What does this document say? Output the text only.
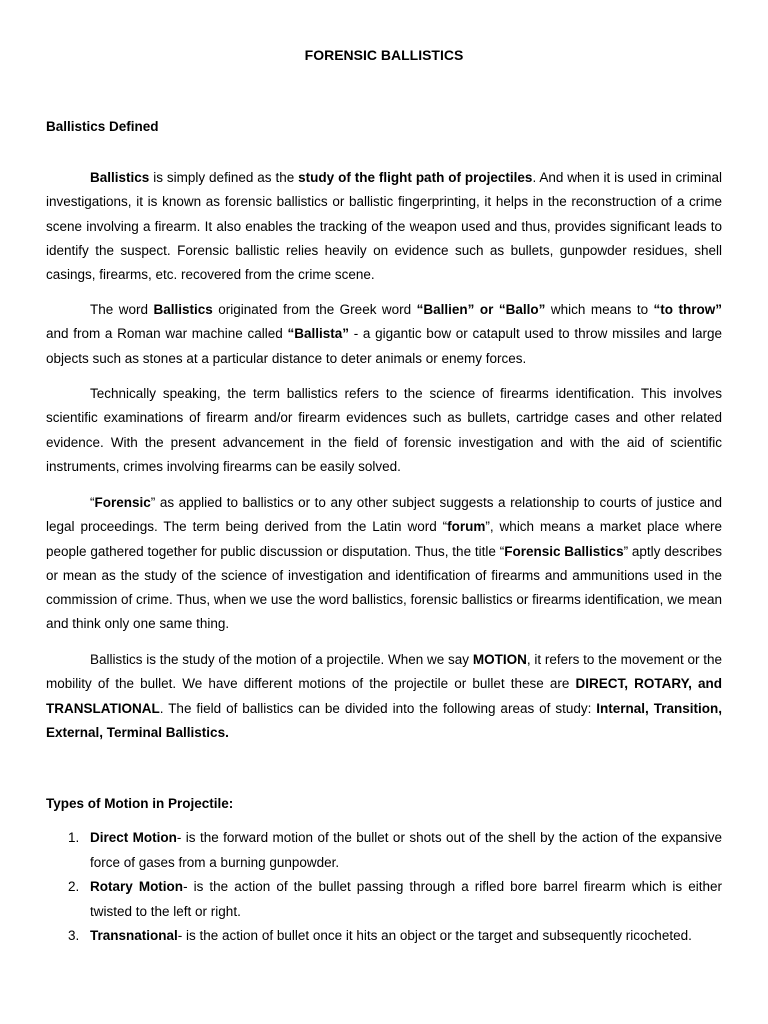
FORENSIC BALLISTICS
Ballistics Defined

Ballistics is simply defined as the study of the flight path of projectiles. And when it is used in criminal investigations, it is known as forensic ballistics or ballistic fingerprinting, it helps in the reconstruction of a crime scene involving a firearm. It also enables the tracking of the weapon used and thus, provides significant leads to identify the suspect. Forensic ballistic relies heavily on evidence such as bullets, gunpowder residues, shell casings, firearms, etc. recovered from the crime scene.

The word Ballistics originated from the Greek word “Ballien” or “Ballo” which means to “to throw” and from a Roman war machine called “Ballista” - a gigantic bow or catapult used to throw missiles and large objects such as stones at a particular distance to deter animals or enemy forces.

Technically speaking, the term ballistics refers to the science of firearms identification. This involves scientific examinations of firearm and/or firearm evidences such as bullets, cartridge cases and other related evidence. With the present advancement in the field of forensic investigation and with the aid of scientific instruments, crimes involving firearms can be easily solved.

“Forensic” as applied to ballistics or to any other subject suggests a relationship to courts of justice and legal proceedings. The term being derived from the Latin word “forum”, which means a market place where people gathered together for public discussion or disputation. Thus, the title “Forensic Ballistics” aptly describes or mean as the study of the science of investigation and identification of firearms and ammunitions used in the commission of crime. Thus, when we use the word ballistics, forensic ballistics or firearms identification, we mean and think only one same thing.

Ballistics is the study of the motion of a projectile. When we say MOTION, it refers to the movement or the mobility of the bullet. We have different motions of the projectile or bullet these are DIRECT, ROTARY, and TRANSLATIONAL. The field of ballistics can be divided into the following areas of study: Internal, Transition, External, Terminal Ballistics.

Types of Motion in Projectile:
1. Direct Motion- is the forward motion of the bullet or shots out of the shell by the action of the expansive force of gases from a burning gunpowder.
2. Rotary Motion- is the action of the bullet passing through a rifled bore barrel firearm which is either twisted to the left or right.
3. Transnational- is the action of bullet once it hits an object or the target and subsequently ricocheted.
